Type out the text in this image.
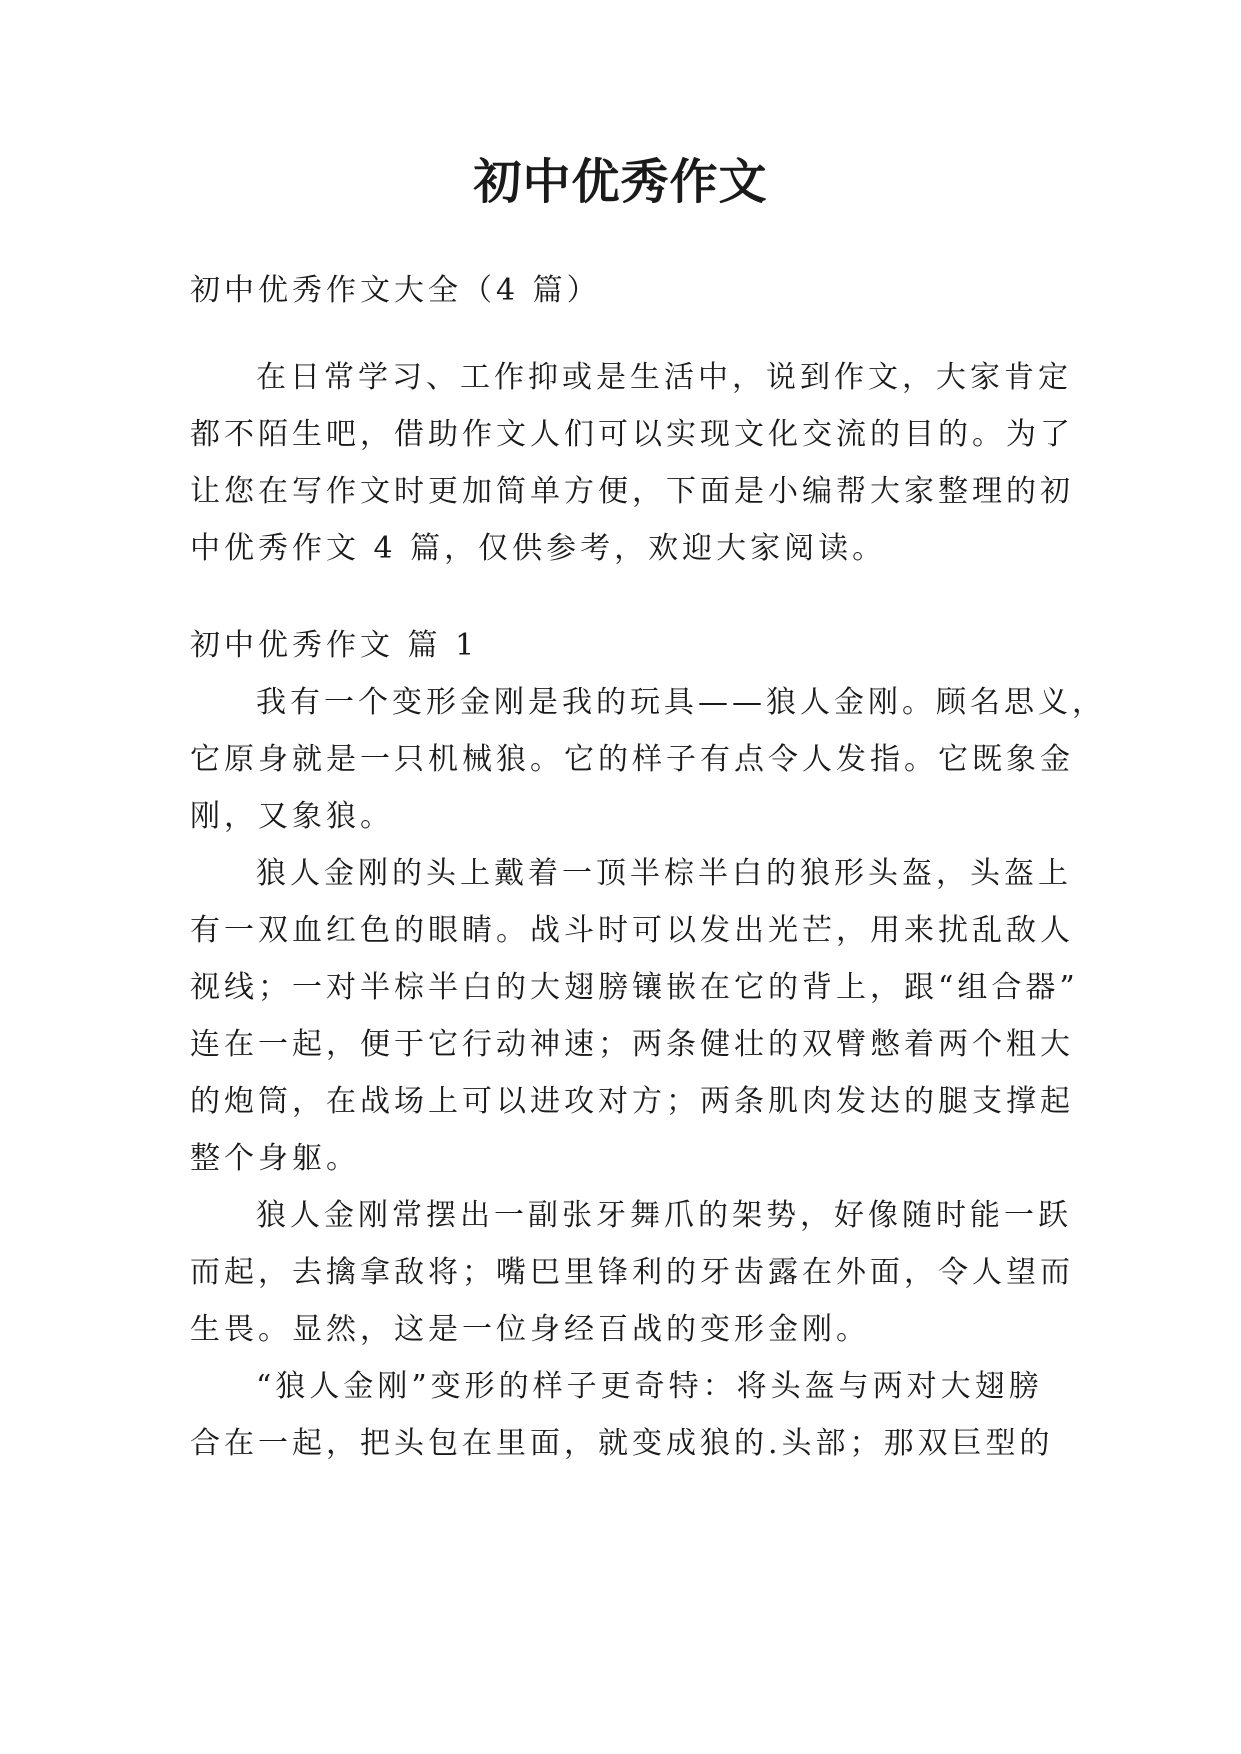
初中优秀作文
初中优秀作文大全（4 篇）
在日常学习、工作抑或是生活中，说到作文，大家肯定
都不陌生吧，借助作文人们可以实现文化交流的目的。为了
让您在写作文时更加简单方便，下面是小编帮大家整理的初
中优秀作文 4 篇，仅供参考，欢迎大家阅读。
初中优秀作文 篇 1
我有一个变形金刚是我的玩具——狼人金刚。顾名思义，
它原身就是一只机械狼。它的样子有点令人发指。它既象金
刚，又象狼。
狼人金刚的头上戴着一顶半棕半白的狼形头盔，头盔上
有一双血红色的眼睛。战斗时可以发出光芒，用来扰乱敌人
视线；一对半棕半白的大翅膀镶嵌在它的背上，跟“组合器”
连在一起，便于它行动神速；两条健壮的双臂憋着两个粗大
的炮筒，在战场上可以进攻对方；两条肌肉发达的腿支撑起
整个身躯。
狼人金刚常摆出一副张牙舞爪的架势，好像随时能一跃
而起，去擒拿敌将；嘴巴里锋利的牙齿露在外面，令人望而
生畏。显然，这是一位身经百战的变形金刚。
“狼人金刚”变形的样子更奇特：将头盔与两对大翅膀
合在一起，把头包在里面，就变成狼的.头部；那双巨型的
